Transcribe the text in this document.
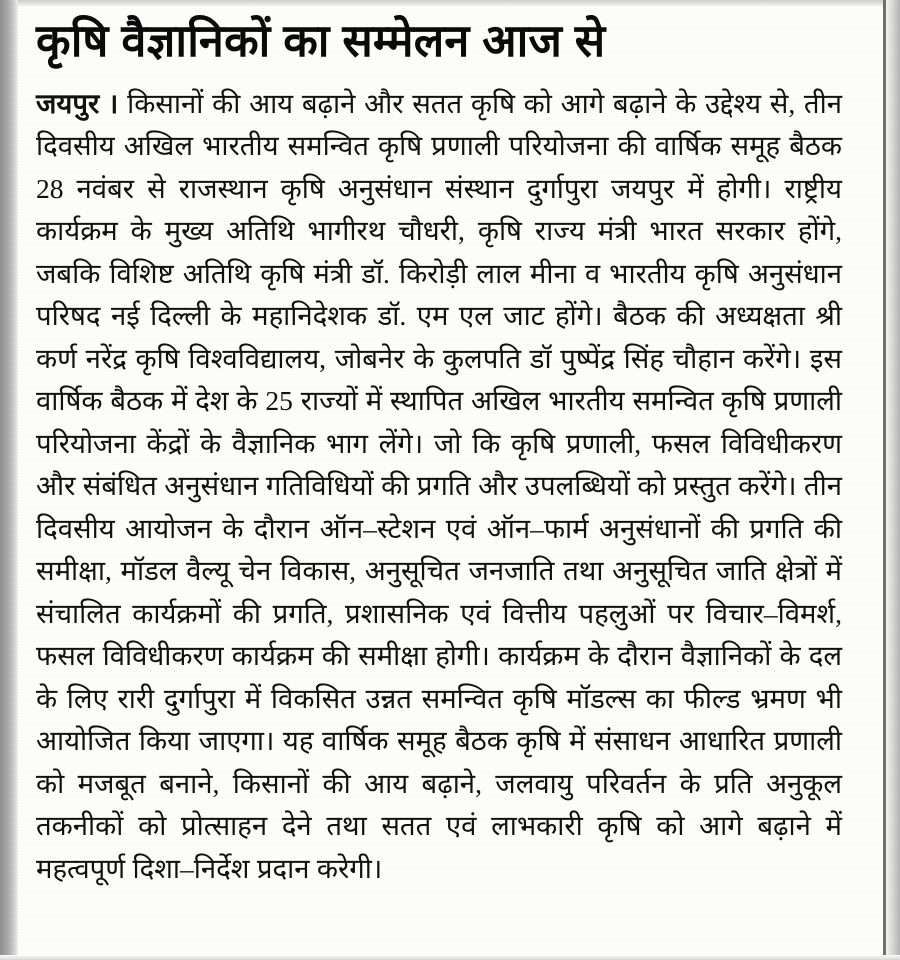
कृषि वैज्ञानिकों का सम्मेलन आज से

जयपुर । किसानों की आय बढ़ाने और सतत कृषि को आगे बढ़ाने के उद्देश्य से, तीन दिवसीय अखिल भारतीय समन्वित कृषि प्रणाली परियोजना की वार्षिक समूह बैठक 28 नवंबर से राजस्थान कृषि अनुसंधान संस्थान दुर्गापुरा जयपुर में होगी। राष्ट्रीय कार्यक्रम के मुख्य अतिथि भागीरथ चौधरी, कृषि राज्य मंत्री भारत सरकार होंगे, जबकि विशिष्ट अतिथि कृषि मंत्री डॉ. किरोड़ी लाल मीना व भारतीय कृषि अनुसंधान परिषद नई दिल्ली के महानिदेशक डॉ. एम एल जाट होंगे। बैठक की अध्यक्षता श्री कर्ण नरेंद्र कृषि विश्वविद्यालय, जोबनेर के कुलपति डॉ पुष्पेंद्र सिंह चौहान करेंगे। इस वार्षिक बैठक में देश के 25 राज्यों में स्थापित अखिल भारतीय समन्वित कृषि प्रणाली परियोजना केंद्रों के वैज्ञानिक भाग लेंगे। जो कि कृषि प्रणाली, फसल विविधीकरण और संबंधित अनुसंधान गतिविधियों की प्रगति और उपलब्धियों को प्रस्तुत करेंगे। तीन दिवसीय आयोजन के दौरान ऑन–स्टेशन एवं ऑन–फार्म अनुसंधानों की प्रगति की समीक्षा, मॉडल वैल्यू चेन विकास, अनुसूचित जनजाति तथा अनुसूचित जाति क्षेत्रों में संचालित कार्यक्रमों की प्रगति, प्रशासनिक एवं वित्तीय पहलुओं पर विचार–विमर्श, फसल विविधीकरण कार्यक्रम की समीक्षा होगी। कार्यक्रम के दौरान वैज्ञानिकों के दल के लिए रारी दुर्गापुरा में विकसित उन्नत समन्वित कृषि मॉडल्स का फील्ड भ्रमण भी आयोजित किया जाएगा। यह वार्षिक समूह बैठक कृषि में संसाधन आधारित प्रणाली को मजबूत बनाने, किसानों की आय बढ़ाने, जलवायु परिवर्तन के प्रति अनुकूल तकनीकों को प्रोत्साहन देने तथा सतत एवं लाभकारी कृषि को आगे बढ़ाने में महत्वपूर्ण दिशा–निर्देश प्रदान करेगी।
